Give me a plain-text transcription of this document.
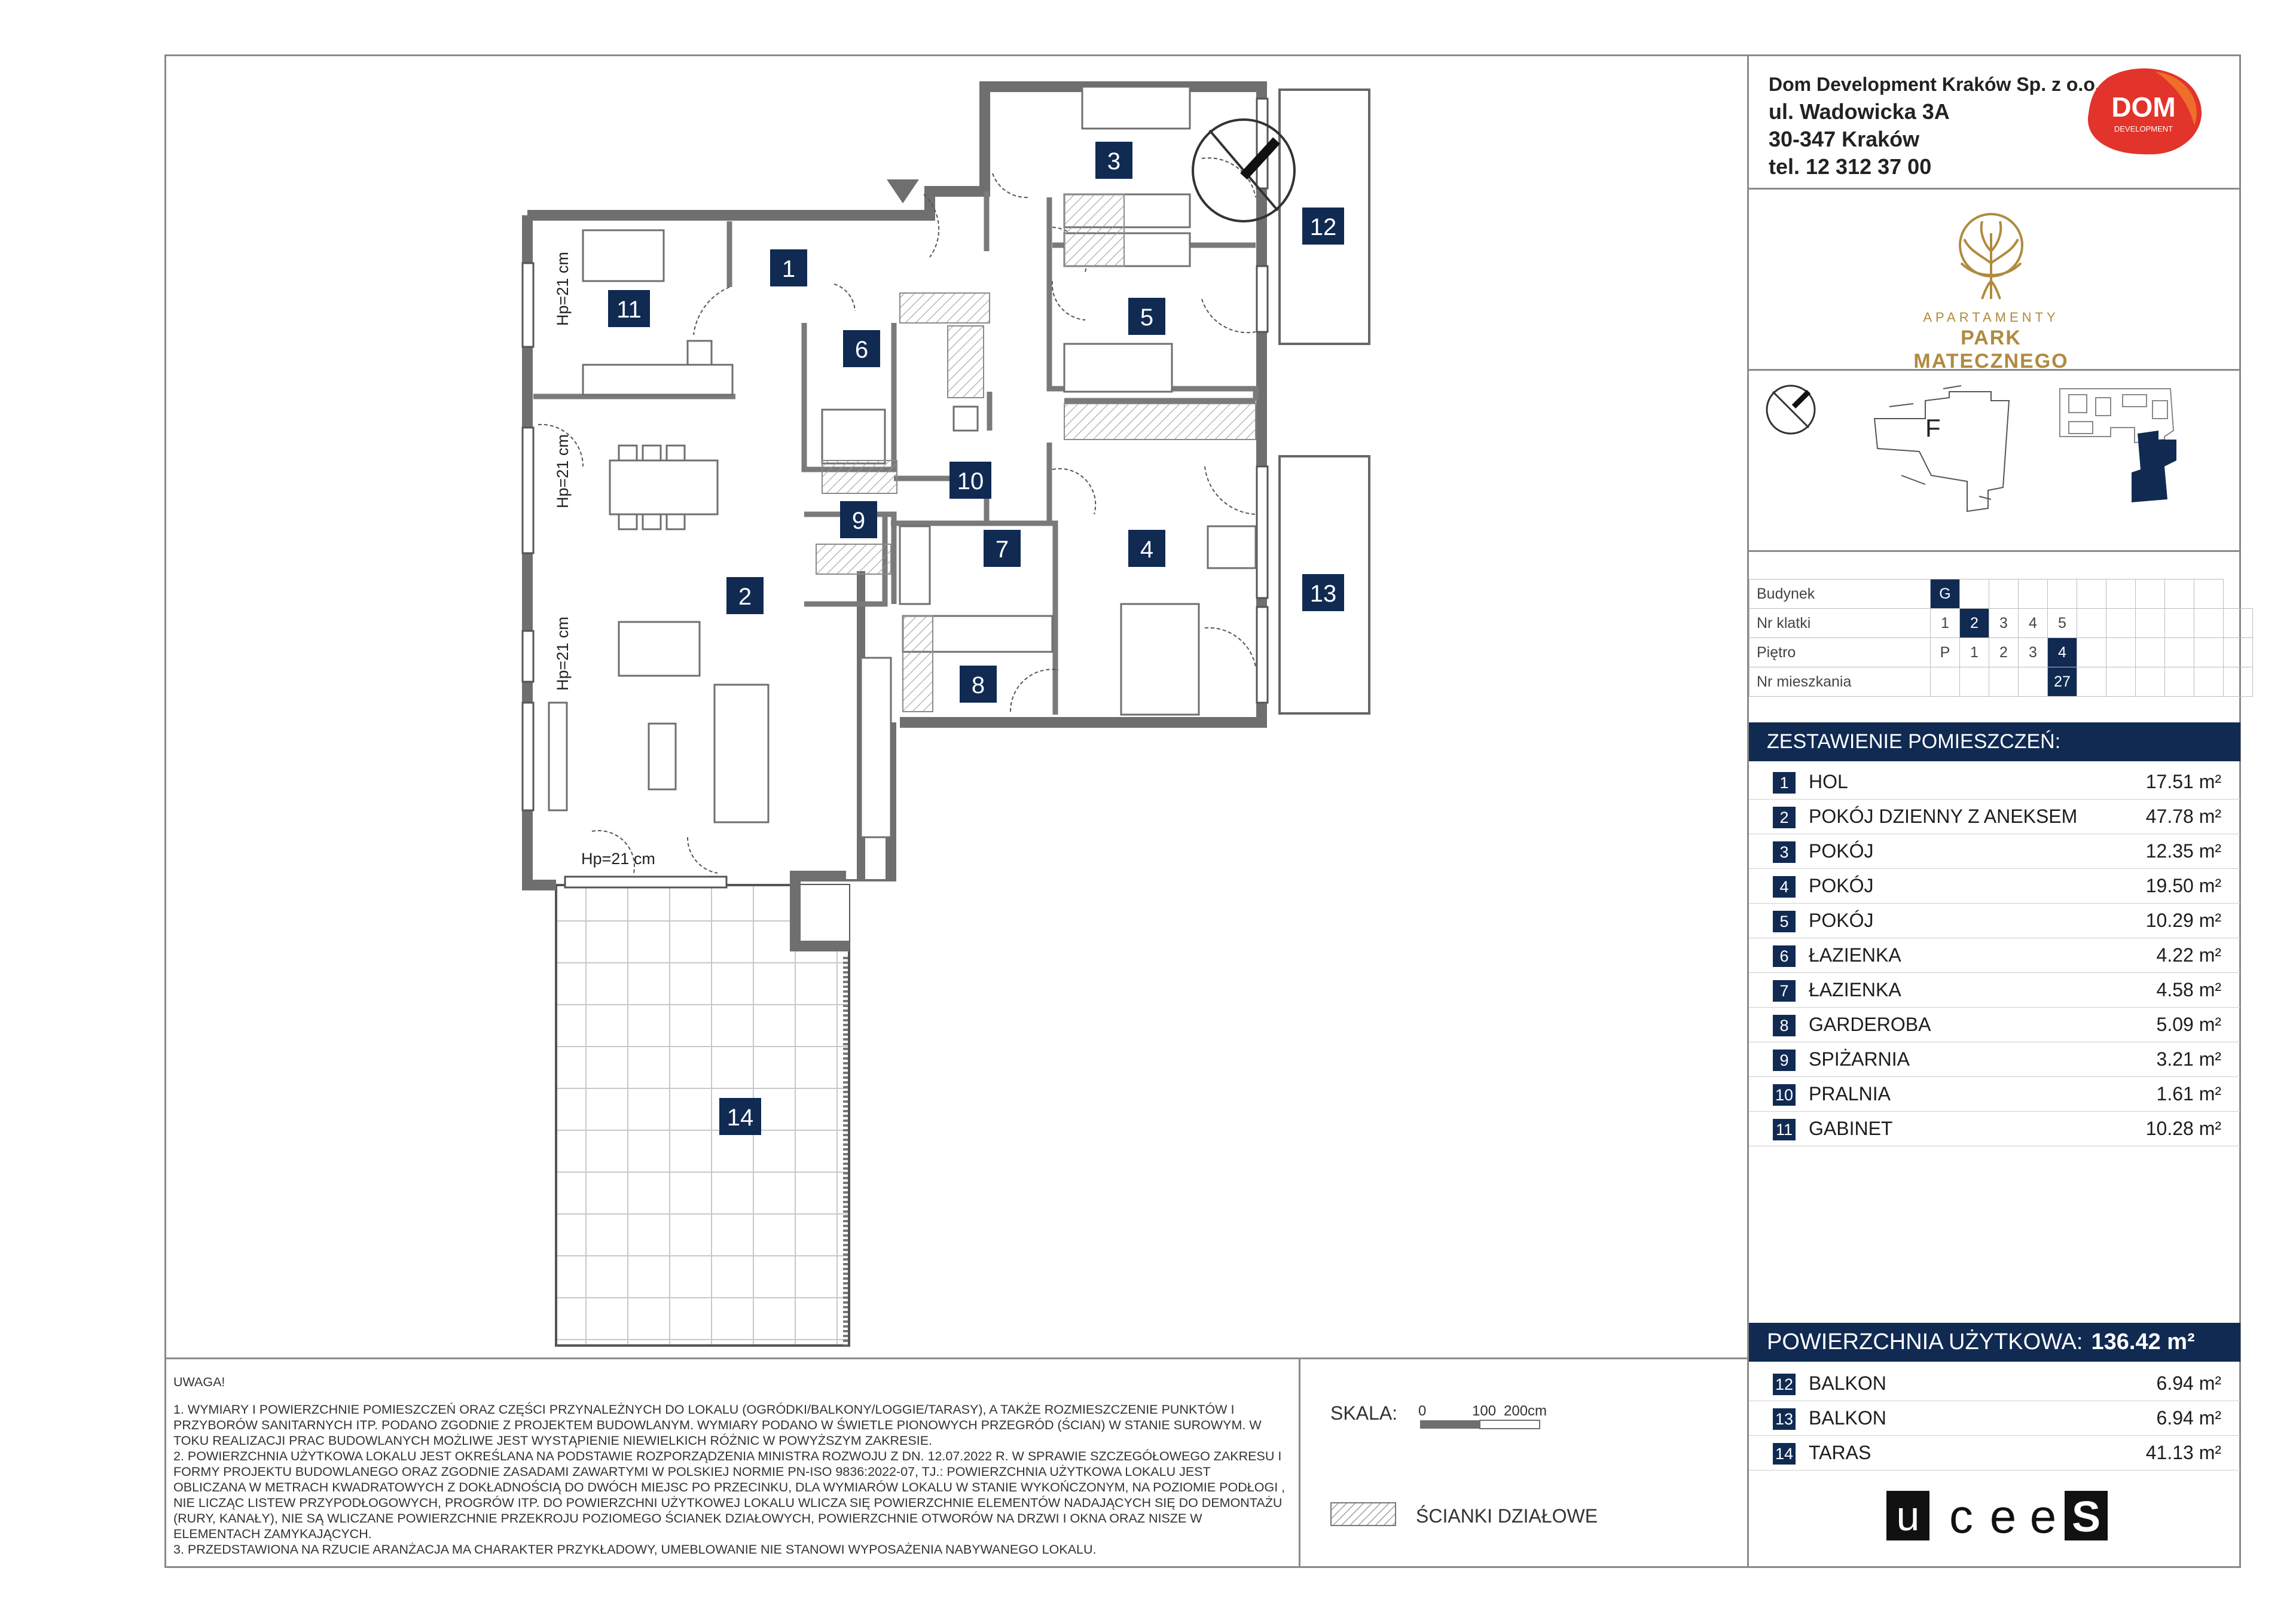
Dom Development Kraków Sp. z o.o.
ul. Wadowicka 3A
30-347 Kraków
tel. 12 312 37 00
DOM
DEVELOPMENT
APARTAMENTY
PARK MATECZNEGO
F
Budynek	G										
Nr klatki	1	2	3	4	5						
Piętro	P	1	2	3	4						
Nr mieszkania					27						
ZESTAWIENIE POMIESZCZEŃ:
1	HOL	17.51 m²
2	POKÓJ DZIENNY Z ANEKSEM	47.78 m²
3	POKÓJ	12.35 m²
4	POKÓJ	19.50 m²
5	POKÓJ	10.29 m²
6	ŁAZIENKA	4.22 m²
7	ŁAZIENKA	4.58 m²
8	GARDEROBA	5.09 m²
9	SPIŻARNIA	3.21 m²
10 PRALNIA	1.61 m²
11 GABINET	10.28 m²
POWIERZCHNIA UŻYTKOWA: 136.42 m²
12 BALKON	6.94 m²
13 BALKON	6.94 m²
14 TARAS	41.13 m²
u c e e S

UWAGA!

1. WYMIARY I POWIERZCHNIE POMIESZCZEŃ ORAZ CZĘŚCI PRZYNALEŻNYCH DO LOKALU (OGRÓDKI/BALKONY/LOGGIE/TARASY), A TAKŻE ROZMIESZCZENIE PUNKTÓW I PRZYBORÓW SANITARNYCH ITP. PODANO ZGODNIE Z PROJEKTEM BUDOWLANYM. WYMIARY PODANO W ŚWIETLE PIONOWYCH PRZEGRÓD (ŚCIAN) W STANIE SUROWYM. W TOKU REALIZACJI PRAC BUDOWLANYCH MOŻLIWE JEST WYSTĄPIENIE NIEWIELKICH RÓŻNIC W POWYŻSZYM ZAKRESIE.

2. POWIERZCHNIA UŻYTKOWA LOKALU JEST OKREŚLANA NA PODSTAWIE ROZPORZĄDZENIA MINISTRA ROZWOJU Z DN. 12.07.2022 R. W SPRAWIE SZCZEGÓŁOWEGO ZAKRESU I FORMY PROJEKTU BUDOWLANEGO ORAZ ZGODNIE ZASADAMI ZAWARTYMI W POLSKIEJ NORMIE PN-ISO 9836:2022-07, TJ.: POWIERZCHNIA UŻYTKOWA LOKALU JEST OBLICZANA W METRACH KWADRATOWYCH Z DOKŁADNOŚCIĄ DO DWÓCH MIEJSC PO PRZECINKU, DLA WYMIARÓW LOKALU W STANIE WYKOŃCZONYM, NA POZIOMIE PODŁOGI , NIE LICZĄC LISTEW PRZYPODŁOGOWYCH, PROGRÓW ITP. DO POWIERZCHNI UŻYTKOWEJ LOKALU WLICZA SIĘ POWIERZCHNIE ELEMENTÓW NADAJĄCYCH SIĘ DO DEMONTAŻU (RURY, KANAŁY), NIE SĄ WLICZANE POWIERZCHNIE PRZEKROJU POZIOMEGO ŚCIANEK DZIAŁOWYCH, POWIERZCHNIE OTWORÓW NA DRZWI I OKNA ORAZ NISZE W ELEMENTACH ZAMYKAJĄCYCH.

3. PRZEDSTAWIONA NA RZUCIE ARANŻACJA MA CHARAKTER PRZYKŁADOWY, UMEBLOWANIE NIE STANOWI WYPOSAŻENIA NABYWANEGO LOKALU.

SKALA: 0	100 200cm
ŚCIANKI DZIAŁOWE
1
2
3
4
5
6
7
8
9
10
11
12
13
14
Hp=21 cm
Hp=21 cm
Hp=21 cm
Hp=21 cm
